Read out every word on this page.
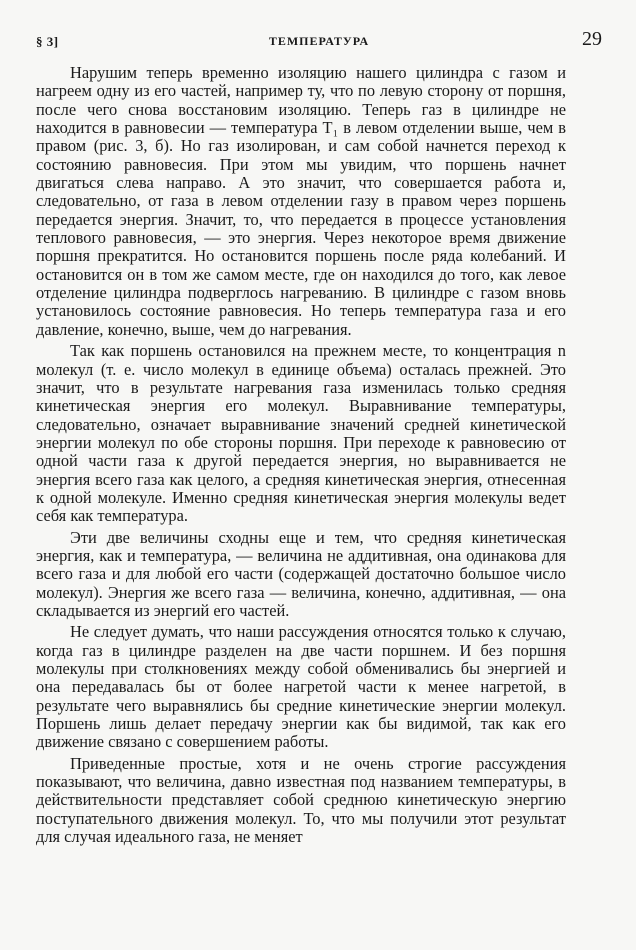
§ 3]	ТЕМПЕРАТУРА	29

Нарушим теперь временно изоляцию нашего цилиндра с газом и нагреем одну из его частей, например ту, что по левую сторону от поршня, после чего снова восстановим изоляцию. Теперь газ в цилиндре не находится в равновесии — температура T₁ в левом отделении выше, чем в правом (рис. 3, б). Но газ изолирован, и сам собой начнется переход к состоянию равновесия. При этом мы увидим, что поршень начнет двигаться слева направо. А это значит, что совершается работа и, следовательно, от газа в левом отделении газу в правом через поршень передается энергия. Значит, то, что передается в процессе установления теплового равновесия, — это энергия. Через некоторое время движение поршня прекратится. Но остановится поршень после ряда колебаний. И остановится он в том же самом месте, где он находился до того, как левое отделение цилиндра подверглось нагреванию. В цилиндре с газом вновь установилось состояние равновесия. Но теперь температура газа и его давление, конечно, выше, чем до нагревания.

Так как поршень остановился на прежнем месте, то концентрация n молекул (т. е. число молекул в единице объема) осталась прежней. Это значит, что в результате нагревания газа изменилась только средняя кинетическая энергия его молекул. Выравнивание температуры, следовательно, означает выравнивание значений средней кинетической энергии молекул по обе стороны поршня. При переходе к равновесию от одной части газа к другой передается энергия, но выравнивается не энергия всего газа как целого, а средняя кинетическая энергия, отнесенная к одной молекуле. Именно средняя кинетическая энергия молекулы ведет себя как температура.

Эти две величины сходны еще и тем, что средняя кинетическая энергия, как и температура, — величина не аддитивная, она одинакова для всего газа и для любой его части (содержащей достаточно большое число молекул). Энергия же всего газа — величина, конечно, аддитивная, — она складывается из энергий его частей.

Не следует думать, что наши рассуждения относятся только к случаю, когда газ в цилиндре разделен на две части поршнем. И без поршня молекулы при столкновениях между собой обменивались бы энергией и она передавалась бы от более нагретой части к менее нагретой, в результате чего выравнялись бы средние кинетические энергии молекул. Поршень лишь делает передачу энергии как бы видимой, так как его движение связано с совершением работы.

Приведенные простые, хотя и не очень строгие рассуждения показывают, что величина, давно известная под названием температуры, в действительности представляет собой среднюю кинетическую энергию поступательного движения молекул. То, что мы получили этот результат для случая идеального газа, не меняет
